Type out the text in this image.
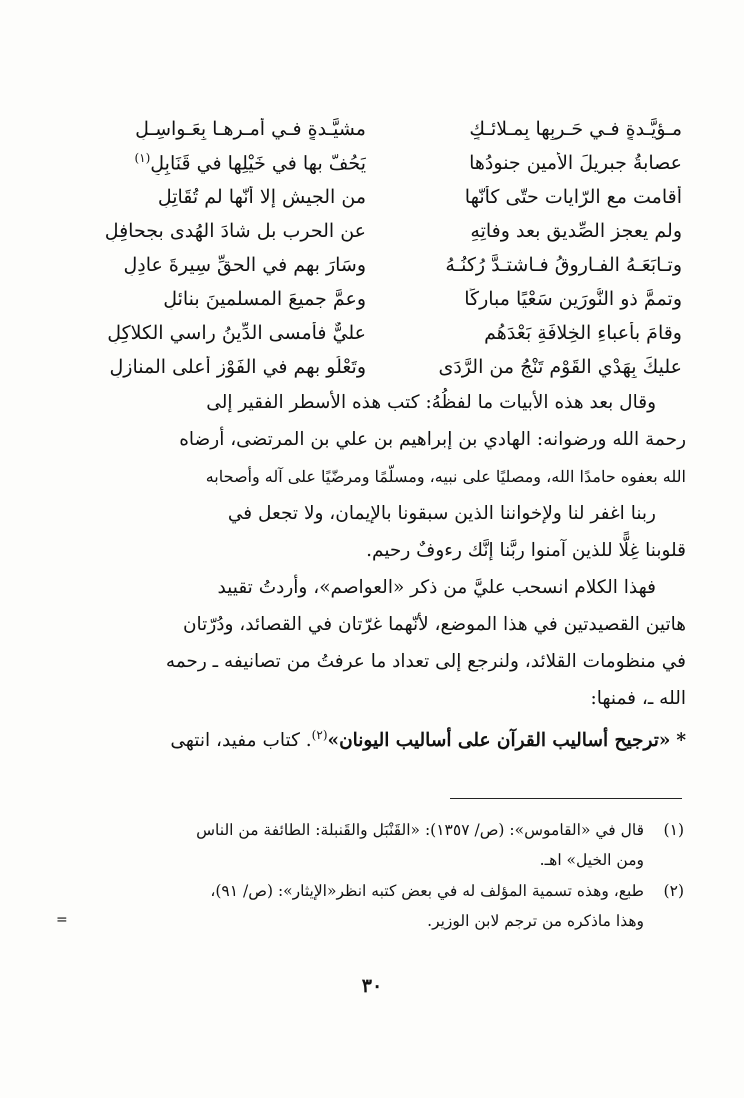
مـؤيَّـدةٍ فـي حَـربِها بِمـلائـكٍ
مشيَّـدةٍ فـي أمـرِهـا بِعَـواسِـلِ
عصابةُ جبريلَ الأمينِ جنودُها
يَحُفّ بها في خَيْلِها في قَنَابِلِ$^{(١)}$
أقامت مع الرّايات حتّى كأنّها
من الجيشِ إلا أنّها لم تُقَاتِلِ
ولم يعجز الصِّديق بعد وفاتِهِ
عن الحرب بل شادَ الهُدى بجحافِلِ
وتـابَعَـهُ الفـاروقُ فـاشتـدَّ رُكنُـهُ
وسَارَ بهم في الحقِّ سِيرةَ عادِلِ
وتممَّ ذو النُّورَينِ سَعْيًا مباركًا
وعمَّ جميعَ المسلمينَ بنائلِ
وقامَ بأعباءِ الخِلافَةِ بَعْدَهُم
عليٌّ فأمسى الدِّينُ راسي الكلاكِلِ
عليكَ بِهَدْيِ القَوْمِ تَنْجُ من الرَّدَى
وتَعْلُو بهم في الفَوْزِ أعلى المنازِلِ

وقال بعد هذه الأبيات ما لفظُهُ: كتب هذه الأسطر الفقير إلى

رحمة الله ورضوانه: الهادي بن إبراهيم بن علي بن المرتضى، أرضاه

الله بعفوه حامدًا الله، ومصليًا على نبيه، ومسلّمًا ومرضّيًا على آله وأصحابه

ربنا اغفر لنا ولإخواننا الذين سبقونا بالإيمان، ولا تجعل في

قلوبنا غِلًّا للذين آمنوا ربَّنا إنَّك رءوفٌ رحيم.

فهذا الكلام انسحب عليَّ من ذكر «العواصم»، وأردتُ تقييد

هاتين القصيدتين في هذا الموضع، لأنّهما غرّتان في القصائد، ودُرّتان

في منظومات القلائد، ولنرجع إلى تعداد ما عرفتُ من تصانيفه ـ رحمه

الله ـ، فمنها:

* «ترجيح أساليب القرآن على أساليب اليونان»$^{(٢)}$. كتاب مفيد، انتهى

(١)قال في «القاموس»: (ص/ ١٣٥٧): «القَنْبَل والقَنبلة: الطائفة من الناس
ومن الخيل» اهـ.
(٢)طبع، وهذه تسمية المؤلف له في بعض كتبه انظر«الإيثار»: (ص/ ٩١)،
وهذا ماذكره من ترجم لابن الوزير.
=
٣٠
